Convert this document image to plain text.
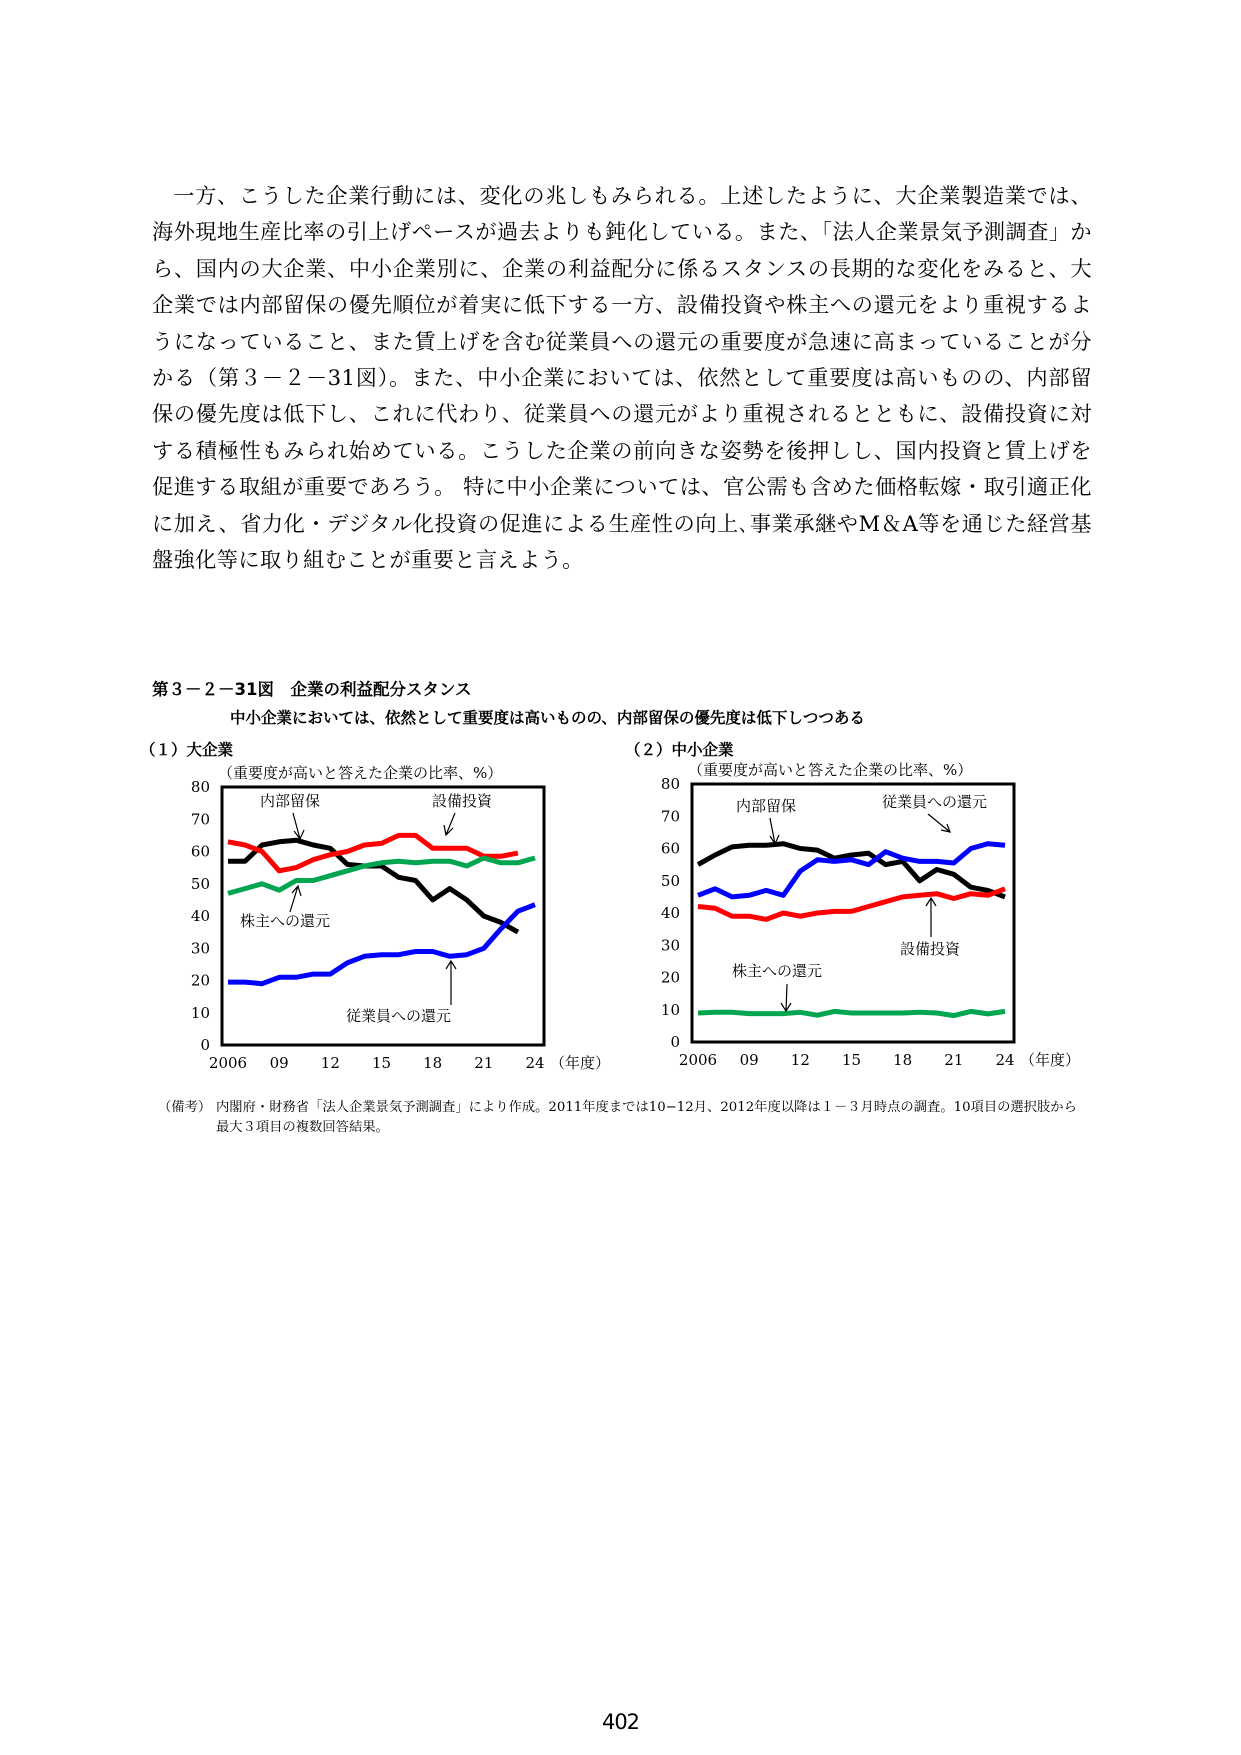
一方、こうした企業行動には、変化の兆しもみられる。上述したように、大企業製造業では、海外現地生産比率の引上げペースが過去よりも鈍化している。また、「法人企業景気予測調査」から、国内の大企業、中小企業別に、企業の利益配分に係るスタンスの長期的な変化をみると、大企業では内部留保の優先順位が着実に低下する一方、設備投資や株主への還元をより重視するようになっていること、また賃上げを含む従業員への還元の重要度が急速に高まっていることが分かる（第３－２－31図）。また、中小企業においては、依然として重要度は高いものの、内部留保の優先度は低下し、これに代わり、従業員への還元がより重視されるとともに、設備投資に対する積極性もみられ始めている。こうした企業の前向きな姿勢を後押しし、国内投資と賃上げを促進する取組が重要であろう。 特に中小企業については、官公需も含めた価格転嫁・取引適正化に加え、省力化・デジタル化投資の促進による生産性の向上､事業承継やM＆A等を通じた経営基盤強化等に取り組むことが重要と言えよう。

第３－２－31図　企業の利益配分スタンス
中小企業においては、依然として重要度は高いものの、内部留保の優先度は低下しつつある
（１）大企業	（２）中小企業
（重要度が高いと答えた企業の比率、%）
0
10
20
30
40
50
60
70
80
2006 09 12 15 18 21 24 （年度）
内部留保	設備投資
株主への還元
従業員への還元
（重要度が高いと答えた企業の比率、%）
0
10
20
30
40
50
60
70
80
2006 09 12 15 18 21 24 （年度）
内部留保	従業員への還元
設備投資
株主への還元
（備考） 内閣府・財務省「法人企業景気予測調査」により作成。2011年度までは10−12月、2012年度以降は１－３月時点の調査。10項目の選択肢から最大３項目の複数回答結果。
402
